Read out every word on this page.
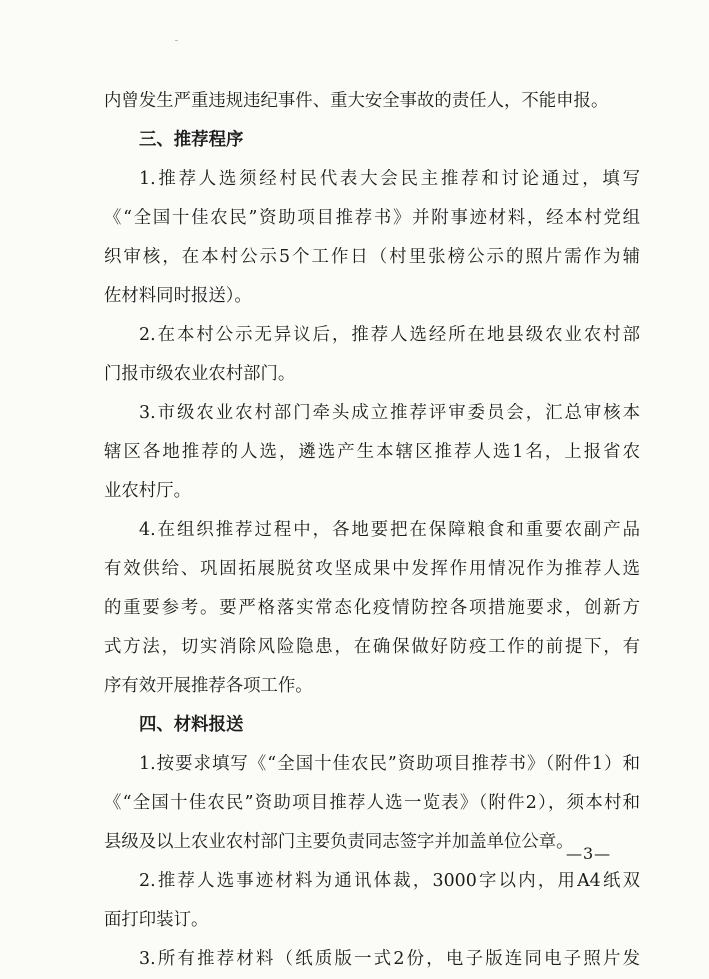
内曾发生严重违规违纪事件、重大安全事故的责任人，不能申报。
三、推荐程序
1.推荐人选须经村民代表大会民主推荐和讨论通过，填写
《“全国十佳农民”资助项目推荐书》并附事迹材料，经本村党组
织审核，在本村公示5个工作日（村里张榜公示的照片需作为辅
佐材料同时报送）。
2.在本村公示无异议后，推荐人选经所在地县级农业农村部
门报市级农业农村部门。
3.市级农业农村部门牵头成立推荐评审委员会，汇总审核本
辖区各地推荐的人选，遴选产生本辖区推荐人选1名，上报省农
业农村厅。
4.在组织推荐过程中，各地要把在保障粮食和重要农副产品
有效供给、巩固拓展脱贫攻坚成果中发挥作用情况作为推荐人选
的重要参考。要严格落实常态化疫情防控各项措施要求，创新方
式方法，切实消除风险隐患，在确保做好防疫工作的前提下，有
序有效开展推荐各项工作。
四、材料报送
1.按要求填写《“全国十佳农民”资助项目推荐书》（附件1）和
《“全国十佳农民”资助项目推荐人选一览表》（附件2），须本村和
县级及以上农业农村部门主要负责同志签字并加盖单位公章。
2.推荐人选事迹材料为通讯体裁，3000字以内，用A4纸双
面打印装订。
3.所有推荐材料（纸质版一式2份，电子版连同电子照片发
—3—
